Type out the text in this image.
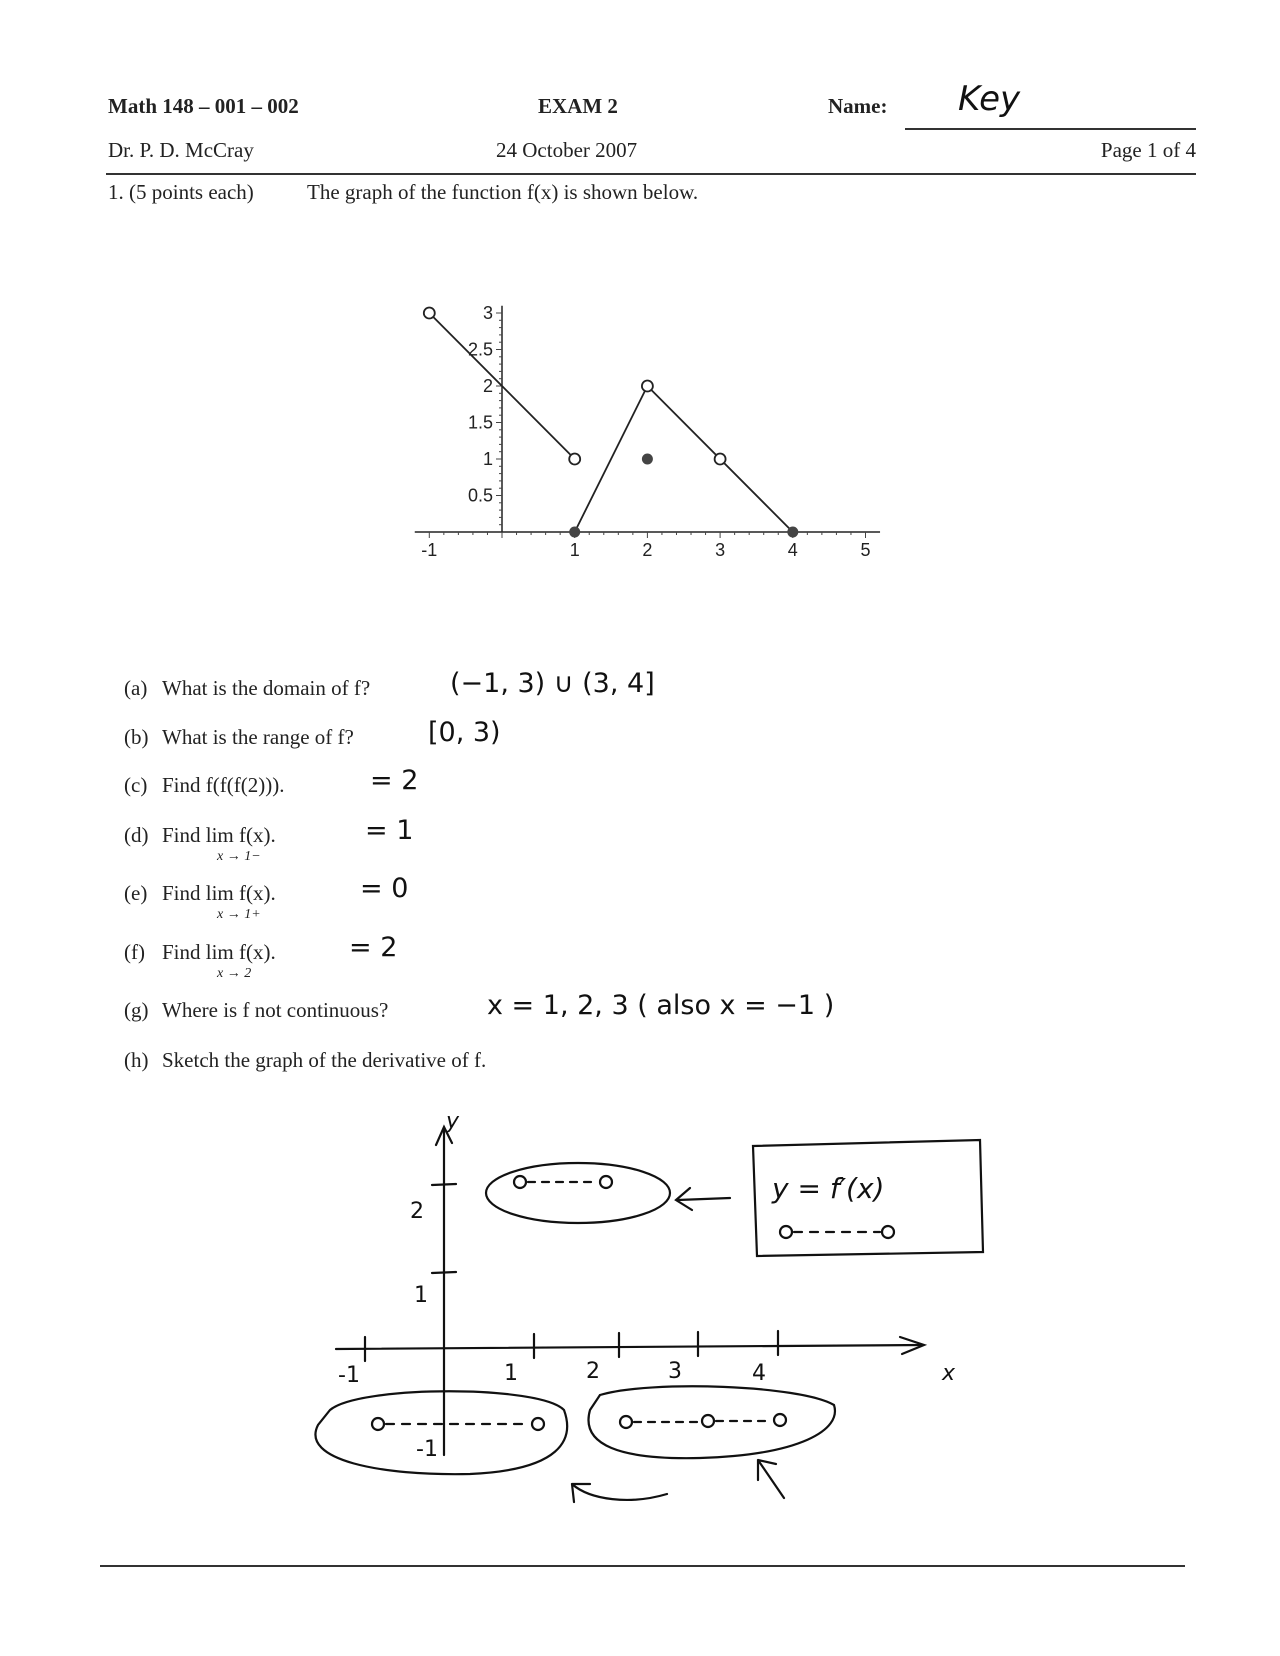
Math 148 – 001 – 002	EXAM 2	Name: Key
Dr. P. D. McCray	24 October 2007	Page 1 of 4
1. (5 points each)	The graph of the function f(x) is shown below.
-1	1	2	3	4	5
0.5
1
1.5
2
2.5
3
y
x
-1	1	2	3	4
2
1
-1
y = f′(x)
(a) What is the domain of f?	(−1, 3) ∪ (3, 4]
(b) What is the range of f?	[0, 3)
(c) Find f(f(f(2))).	= 2
(d) Find lim f(x).
x → 1−
= 1
(e) Find lim f(x).
x → 1+
= 0
(f) Find lim f(x).
x → 2
= 2
(g) Where is f not continuous?	x = 1, 2, 3 ( also x = −1 )
(h) Sketch the graph of the derivative of f.
